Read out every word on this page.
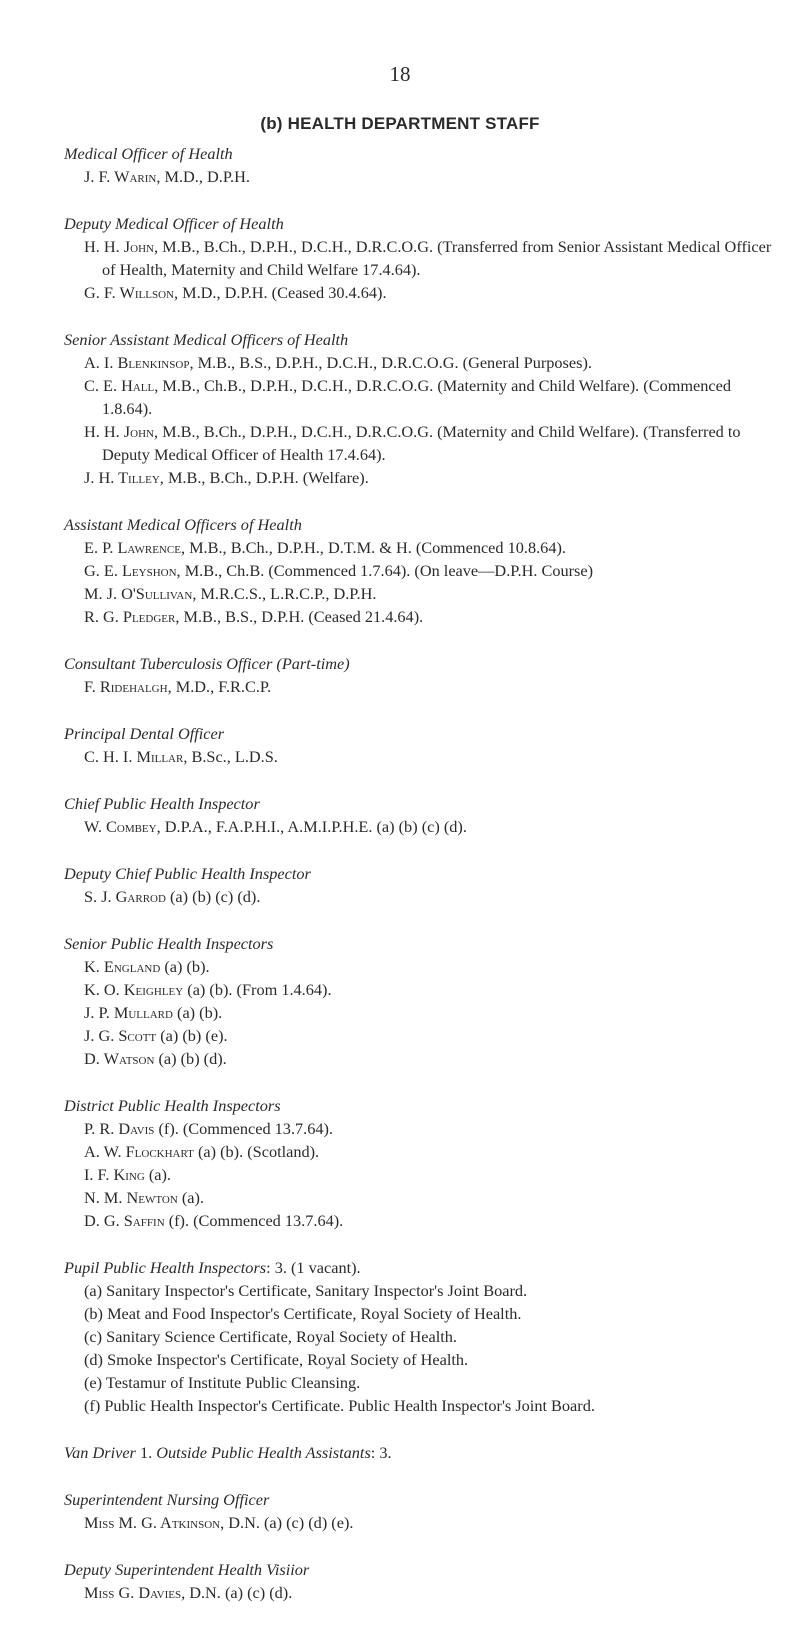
18
(b) HEALTH DEPARTMENT STAFF

Medical Officer of Health

J. F. Warin, M.D., D.P.H.

Deputy Medical Officer of Health

H. H. John, M.B., B.Ch., D.P.H., D.C.H., D.R.C.O.G. (Transferred from Senior Assistant Medical Officer of Health, Maternity and Child Welfare 17.4.64).

G. F. Willson, M.D., D.P.H. (Ceased 30.4.64).

Senior Assistant Medical Officers of Health

A. I. Blenkinsop, M.B., B.S., D.P.H., D.C.H., D.R.C.O.G. (General Purposes).

C. E. Hall, M.B., Ch.B., D.P.H., D.C.H., D.R.C.O.G. (Maternity and Child Welfare). (Commenced 1.8.64).

H. H. John, M.B., B.Ch., D.P.H., D.C.H., D.R.C.O.G. (Maternity and Child Welfare). (Transferred to Deputy Medical Officer of Health 17.4.64).

J. H. Tilley, M.B., B.Ch., D.P.H. (Welfare).

Assistant Medical Officers of Health

E. P. Lawrence, M.B., B.Ch., D.P.H., D.T.M. & H. (Commenced 10.8.64).

G. E. Leyshon, M.B., Ch.B. (Commenced 1.7.64). (On leave—D.P.H. Course)

M. J. O'Sullivan, M.R.C.S., L.R.C.P., D.P.H.

R. G. Pledger, M.B., B.S., D.P.H. (Ceased 21.4.64).

Consultant Tuberculosis Officer (Part-time)

F. Ridehalgh, M.D., F.R.C.P.

Principal Dental Officer

C. H. I. Millar, B.Sc., L.D.S.

Chief Public Health Inspector

W. Combey, D.P.A., F.A.P.H.I., A.M.I.P.H.E. (a) (b) (c) (d).

Deputy Chief Public Health Inspector

S. J. Garrod (a) (b) (c) (d).

Senior Public Health Inspectors

K. England (a) (b).

K. O. Keighley (a) (b). (From 1.4.64).

J. P. Mullard (a) (b).

J. G. Scott (a) (b) (e).

D. Watson (a) (b) (d).

District Public Health Inspectors

P. R. Davis (f). (Commenced 13.7.64).

A. W. Flockhart (a) (b). (Scotland).

I. F. King (a).

N. M. Newton (a).

D. G. Saffin (f). (Commenced 13.7.64).

Pupil Public Health Inspectors: 3. (1 vacant).

(a) Sanitary Inspector's Certificate, Sanitary Inspector's Joint Board.

(b) Meat and Food Inspector's Certificate, Royal Society of Health.

(c) Sanitary Science Certificate, Royal Society of Health.

(d) Smoke Inspector's Certificate, Royal Society of Health.

(e) Testamur of Institute Public Cleansing.

(f) Public Health Inspector's Certificate. Public Health Inspector's Joint Board.

Van Driver 1. Outside Public Health Assistants: 3.

Superintendent Nursing Officer

Miss M. G. Atkinson, D.N. (a) (c) (d) (e).

Deputy Superintendent Health Visiior

Miss G. Davies, D.N. (a) (c) (d).
